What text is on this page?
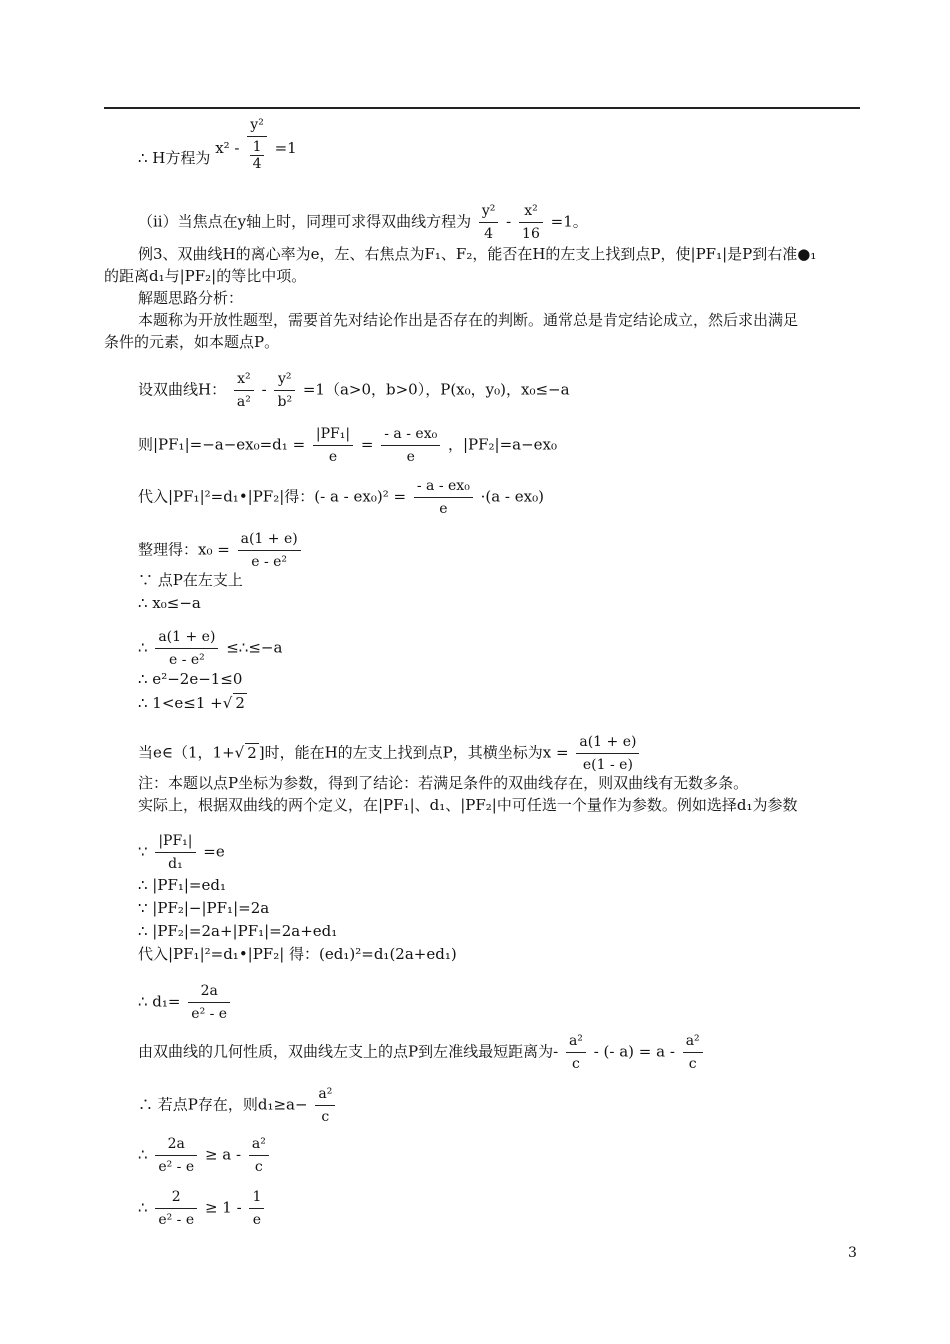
∴ H方程为 x² - y²
1
4 =1
（ii）当焦点在y轴上时，同理可求得双曲线方程为 $\frac{\text{y²}}{4} - \frac{\text{x²}}{16} =1$。
例3、双曲线H的离心率为e，左、右焦点为F₁、F₂，能否在H的左支上找到点P，使|PF₁|是P到右准●₁
的距离d₁与|PF₂|的等比中项。
解题思路分析：
本题称为开放性题型，需要首先对结论作出是否存在的判断。通常总是肯定结论成立，然后求出满足
条件的元素，如本题点P。
设双曲线H： $\frac{\text{x²}}{\text{a²}} - \frac{\text{y²}}{\text{b²}} =1(a>0$，b>0），P(x₀，y₀)，x₀≤−a
则$|PF_1|=-a-ex_0=d_1 = \frac{\text{|PF₁|}}{e} = \frac{\text{- a - ex₀}}{e}$ ，|PF₂|=a−ex₀
代入|PF₁|²=d₁•|PF₂|得：(- $a - ex_0)^2 = \frac{\text{- a - ex₀}}{e} \cdot(a - ex_0)$
整理得：$x_0 = \frac{a(1 + e)}{\text{e - e²}}$
∵ 点P在左支上
∴ x₀≤−a
∴ $\frac{a(1 + e)}{\text{e - e²}}$ ≤∴≤−a
∴ e²−2e−1≤0
∴ 1<e≤1 +√ 2
当e∈（1，1+√ 2 ]时，能在H的左支上找到点P，其横坐标为$x = \frac{a(1 + e)}{e(1 - e)}$
注：本题以点P坐标为参数，得到了结论：若满足条件的双曲线存在，则双曲线有无数多条。
实际上，根据双曲线的两个定义，在|PF₁|、d₁、|PF₂|中可任选一个量作为参数。例如选择d₁为参数
∵ $\frac{\text{|PF₁|}}{\text{d₁}} =e$
∴ |PF₁|=ed₁
∵ |PF₂|−|PF₁|=2a
∴ |PF₂|=2a+|PF₁|=2a+ed₁
代入|PF₁|²=d₁•|PF₂| 得：(ed₁)²=d₁(2a+ed₁)
∴ $d_1= \frac{2a}{\text{e² - e}}$
由双曲线的几何性质，双曲线左支上的点P到左准线最短距离为- $\frac{\text{a²}}{c}$ - (- $a) = a - \frac{\text{a²}}{c}$
∴ 若点P存在，则$d_1\ge a- \frac{\text{a²}}{c}$
∴ $\frac{2a}{\text{e² - e}} \ge a - \frac{\text{a²}}{c}$
∴ $\frac{2}{\text{e² - e}} \ge 1 - \frac{1}{e}$
3
